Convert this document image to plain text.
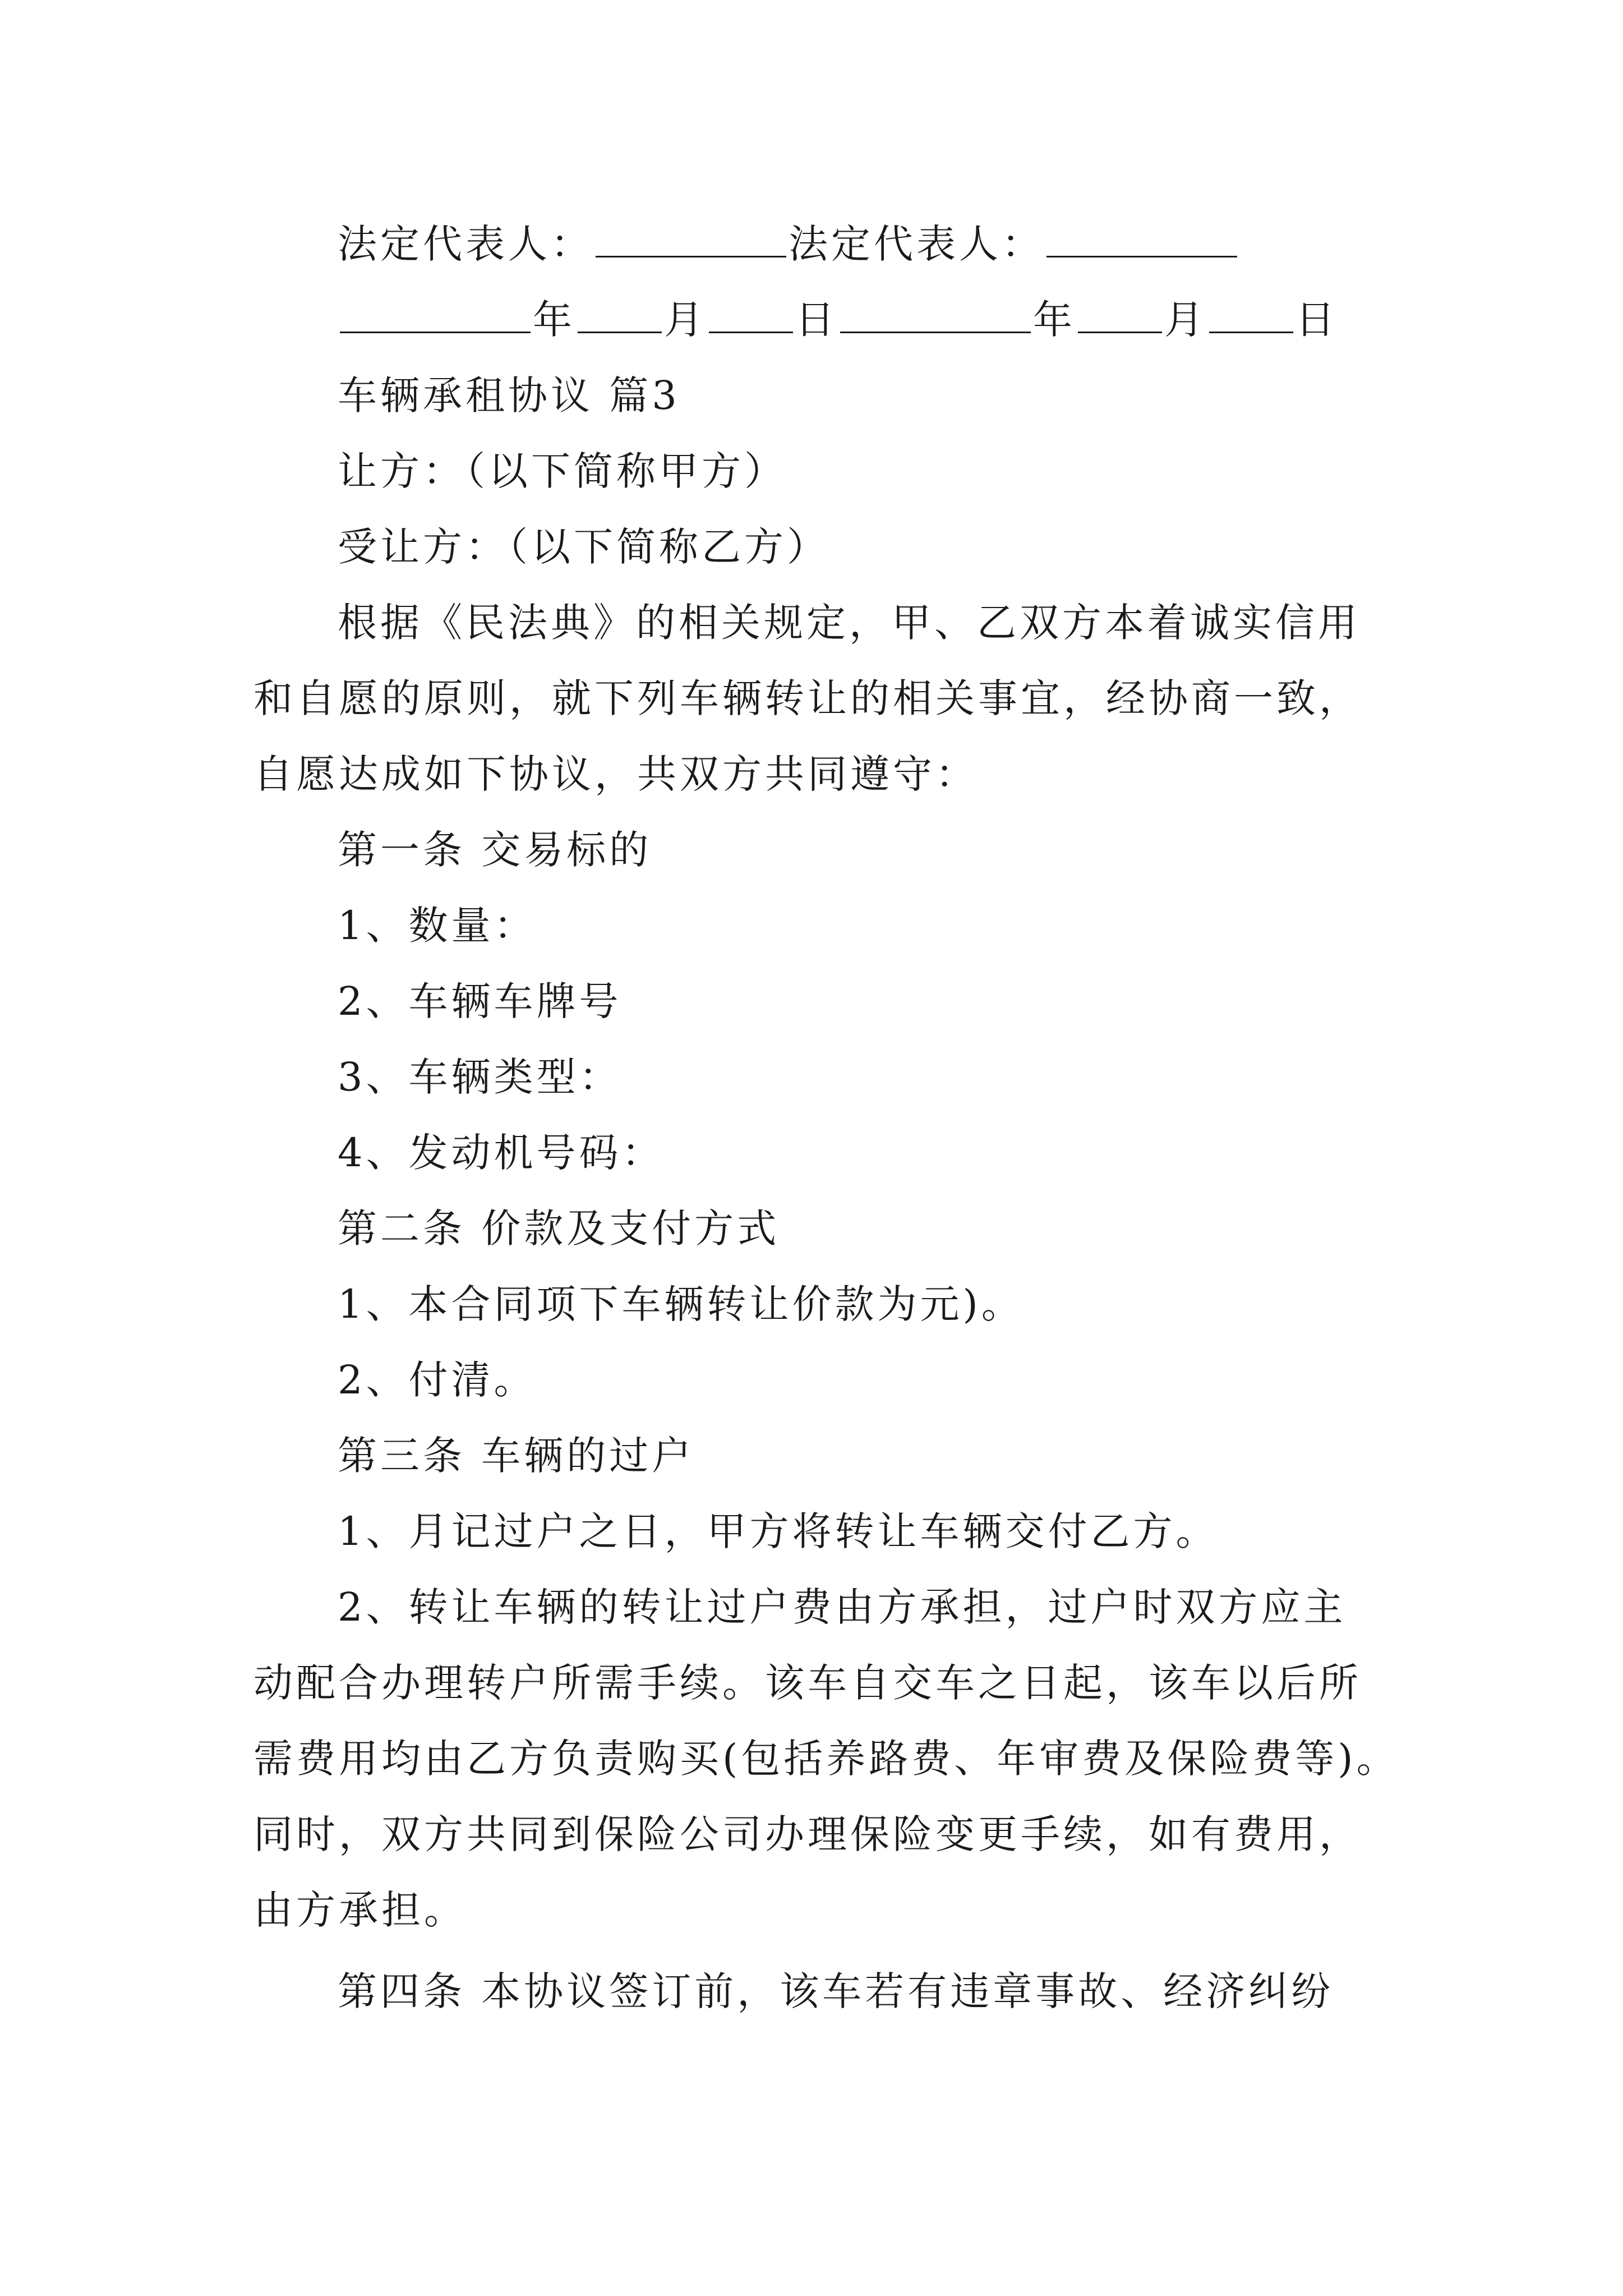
法定代表人：	法定代表人：
年 月 日	年 月 日
车辆承租协议 篇3
让方：（以下简称甲方）
受让方：（以下简称乙方）
根据《民法典》的相关规定，甲、乙双方本着诚实信用
和自愿的原则，就下列车辆转让的相关事宜，经协商一致，
自愿达成如下协议，共双方共同遵守：
第一条 交易标的
1、数量：
2、车辆车牌号
3、车辆类型：
4、发动机号码：
第二条 价款及支付方式
1、本合同项下车辆转让价款为元)。
2、付清。
第三条 车辆的过户
1、月记过户之日，甲方将转让车辆交付乙方。
2、转让车辆的转让过户费由方承担，过户时双方应主
动配合办理转户所需手续。该车自交车之日起，该车以后所
需费用均由乙方负责购买(包括养路费、年审费及保险费等)。
同时，双方共同到保险公司办理保险变更手续，如有费用，
由方承担。
第四条 本协议签订前，该车若有违章事故、经济纠纷
